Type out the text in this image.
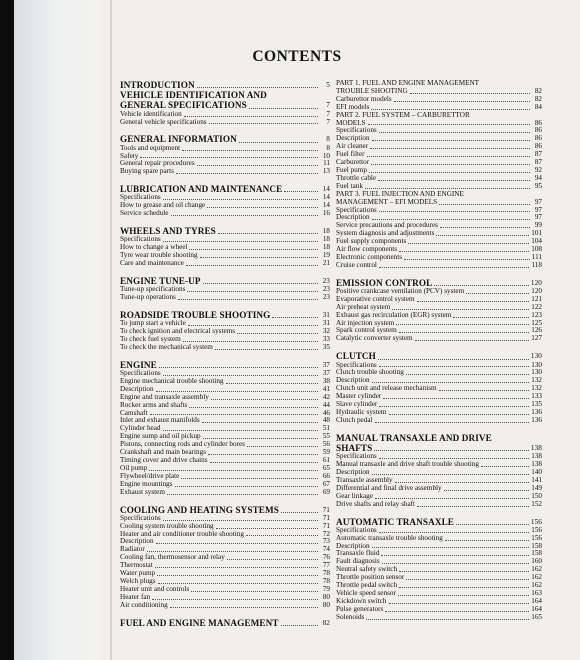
CONTENTS
INTRODUCTION	5
VEHICLE IDENTIFICATION AND
GENERAL SPECIFICATIONS	7
Vehicle identification	7
General vehicle specifications	7
GENERAL INFORMATION	8
Tools and equipment	8
Safety	10
General repair procedures	11
Buying spare parts	13
LUBRICATION AND MAINTENANCE	14
Specifications	14
How to grease and oil change	14
Service schedule	16
WHEELS AND TYRES	18
Specifications	18
How to change a wheel	18
Tyre wear trouble shooting	19
Care and maintenance	21
ENGINE TUNE-UP	23
Tune-up specifications	23
Tune-up operations	23
ROADSIDE TROUBLE SHOOTING	31
To jump start a vehicle	31
To check ignition and electrical systems	32
To check fuel system	33
To check the mechanical system	35
ENGINE	37
Specifications	37
Engine mechanical trouble shooting	38
Description	41
Engine and transaxle assembly	42
Rocker arms and shafts	44
Camshaft	46
Inlet and exhaust manifolds	48
Cylinder head	51
Engine sump and oil pickup	55
Pistons, connecting rods and cylinder bores	56
Crankshaft and main bearings	59
Timing cover and drive chains	61
Oil pump	65
Flywheel/drive plate	66
Engine mountings	67
Exhaust system	69
COOLING AND HEATING SYSTEMS	71
Specifications	71
Cooling system trouble shooting	71
Heater and air conditioner trouble shooting	72
Description	73
Radiator	74
Cooling fan, thermosensor and relay	76
Thermostat	77
Water pump	78
Welch plugs	78
Heater unit and controls	79
Heater fan	80
Air conditioning	80
FUEL AND ENGINE MANAGEMENT	82
PART 1. FUEL AND ENGINE MANAGEMENT
TROUBLE SHOOTING	82
Carburettor models	82
EFI models	84
PART 2. FUEL SYSTEM – CARBURETTOR
MODELS	86
Specifications	86
Description	86
Air cleaner	86
Fuel filter	87
Carburettor	87
Fuel pump	92
Throttle cable	94
Fuel tank	95
PART 3. FUEL INJECTION AND ENGINE
MANAGEMENT – EFI MODELS	97
Specifications	97
Description	97
Service precautions and procedures	99
System diagnosis and adjustments	101
Fuel supply components	104
Air flow components	108
Electronic components	111
Cruise control	118
EMISSION CONTROL	120
Positive crankcase ventilation (PCV) system	120
Evaporative control system	121
Air preheat system	122
Exhaust gas recirculation (EGR) system	123
Air injection system	125
Spark control system	126
Catalytic converter system	127
CLUTCH	130
Specifications	130
Clutch trouble shooting	130
Description	132
Clutch unit and release mechanism	132
Master cylinder	133
Slave cylinder	135
Hydraulic system	136
Clutch pedal	136
MANUAL TRANSAXLE AND DRIVE
SHAFTS	138
Specifications	138
Manual transaxle and drive shaft trouble shooting	138
Description	140
Transaxle assembly	141
Differential and final drive assembly	149
Gear linkage	150
Drive shafts and relay shaft	152
AUTOMATIC TRANSAXLE	156
Specifications	156
Automatic transaxle trouble shooting	156
Description	158
Transaxle fluid	158
Fault diagnosis	160
Neutral safety switch	162
Throttle position sensor	162
Throttle pedal switch	162
Vehicle speed sensor	163
Kickdown switch	164
Pulse generators	164
Solenoids	165
